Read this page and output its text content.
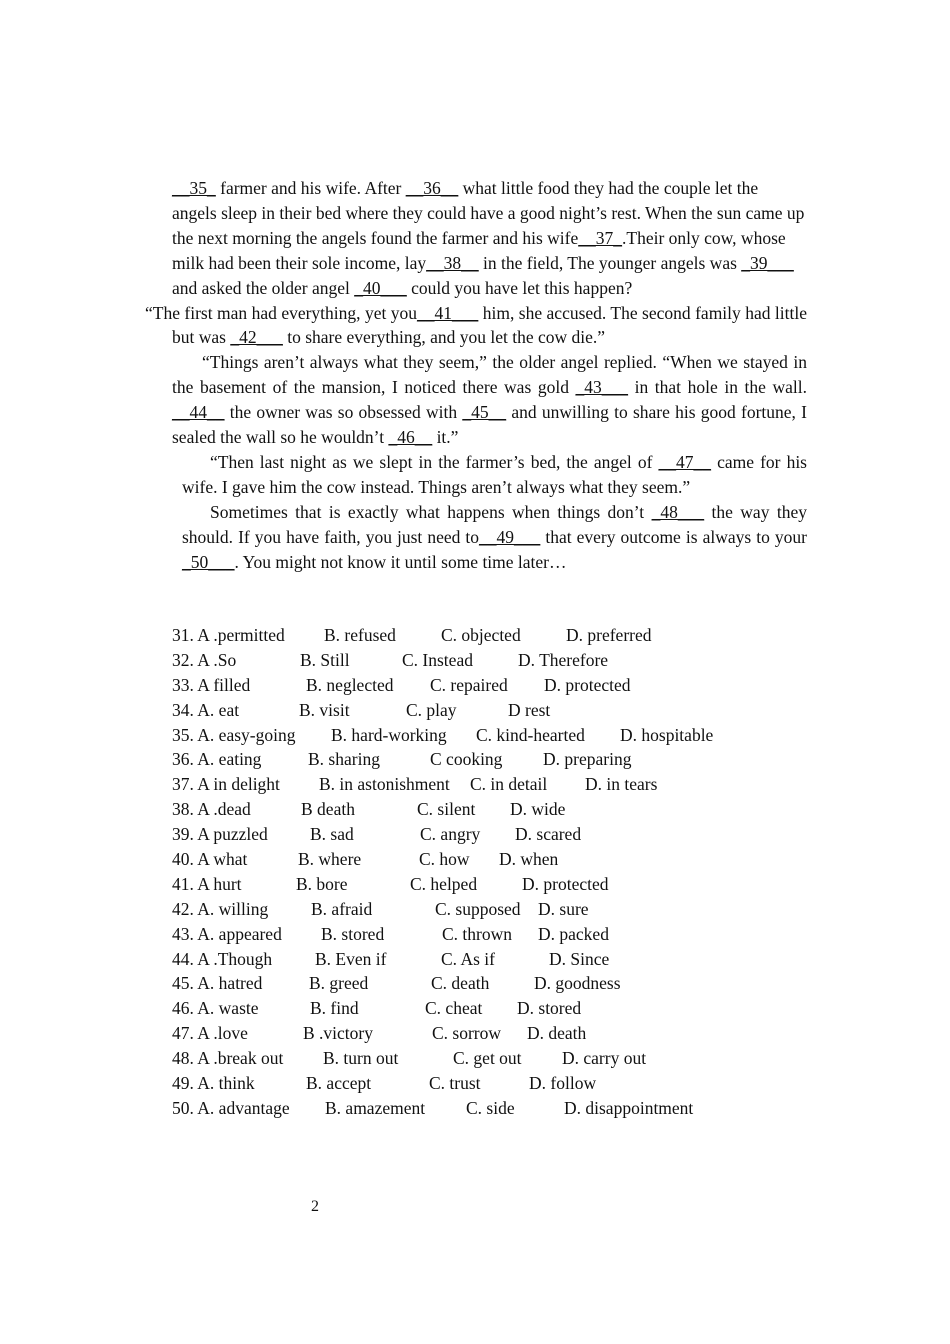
__35_ farmer and his wife. After __36__ what little food they had the couple let the angels sleep in their bed where they could have a good night’s rest. When the sun came up the next morning the angels found the farmer and his wife__37_.Their only cow, whose milk had been their sole income, lay__38__ in the field, The younger angels was _39___ and asked the older angel _40___ could you have let this happen?

“The first man had everything, yet you__41___ him, she accused. The second family had little but was _42___ to share everything, and you let the cow die.”

“Things aren’t always what they seem,” the older angel replied. “When we stayed in the basement of the mansion, I noticed there was gold _43___ in that hole in the wall. __44__ the owner was so obsessed with _45__ and unwilling to share his good fortune, I sealed the wall so he wouldn’t _46__ it.”

“Then last night as we slept in the farmer’s bed, the angel of __47__ came for his wife. I gave him the cow instead. Things aren’t always what they seem.”

Sometimes that is exactly what happens when things don’t _48___ the way they should. If you have faith, you just need to__49___ that every outcome is always to your _50___. You might not know it until some time later…

31. A .permitted	B. refused	C. objected	D. preferred
32. A .So	B. Still	C. Instead	D. Therefore
33. A filled	B. neglected	C. repaired	D. protected
34. A. eat	B. visit	C. play	D rest
35. A. easy-going	B. hard-working	C. kind-hearted	D. hospitable
36. A. eating	B. sharing	C cooking	D. preparing
37. A in delight	B. in astonishment	C. in detail	D. in tears
38. A .dead	B death	C. silent	D. wide
39. A puzzled	B. sad	C. angry	D. scared
40. A what	B. where	C. how	D. when
41. A hurt	B. bore	C. helped	D. protected
42. A. willing	B. afraid	C. supposed D. sure
43. A. appeared	B. stored	C. thrown	D. packed
44. A .Though	B. Even if	C. As if	D. Since
45. A. hatred	B. greed	C. death	D. goodness
46. A. waste	B. find	C. cheat	D. stored
47. A .love	B .victory	C. sorrow	D. death
48. A .break out	B. turn out	C. get out	D. carry out
49. A. think	B. accept	C. trust	D. follow
50. A. advantage	B. amazement	C. side	D. disappointment
2
